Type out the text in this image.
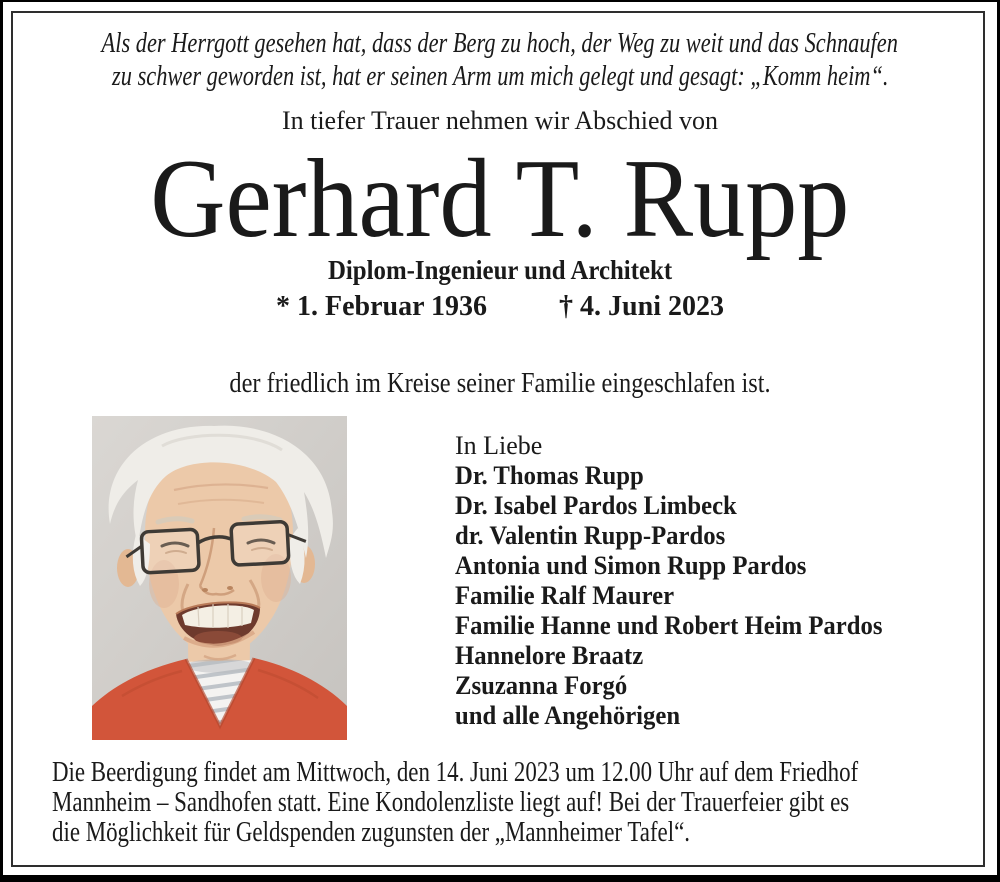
Als der Herrgott gesehen hat, dass der Berg zu hoch, der Weg zu weit und das Schnaufen
zu schwer geworden ist, hat er seinen Arm um mich gelegt und gesagt: „Komm heim“.
In tiefer Trauer nehmen wir Abschied von
Gerhard T. Rupp
Diplom-Ingenieur und Architekt
* 1. Februar 1936	† 4. Juni 2023
der friedlich im Kreise seiner Familie eingeschlafen ist.
In Liebe
Dr. Thomas Rupp
Dr. Isabel Pardos Limbeck
dr. Valentin Rupp-Pardos
Antonia und Simon Rupp Pardos
Familie Ralf Maurer
Familie Hanne und Robert Heim Pardos
Hannelore Braatz
Zsuzanna Forgó
und alle Angehörigen
Die Beerdigung findet am Mittwoch, den 14. Juni 2023 um 12.00 Uhr auf dem Friedhof
Mannheim – Sandhofen statt. Eine Kondolenzliste liegt auf! Bei der Trauerfeier gibt es
die Möglichkeit für Geldspenden zugunsten der „Mannheimer Tafel“.
